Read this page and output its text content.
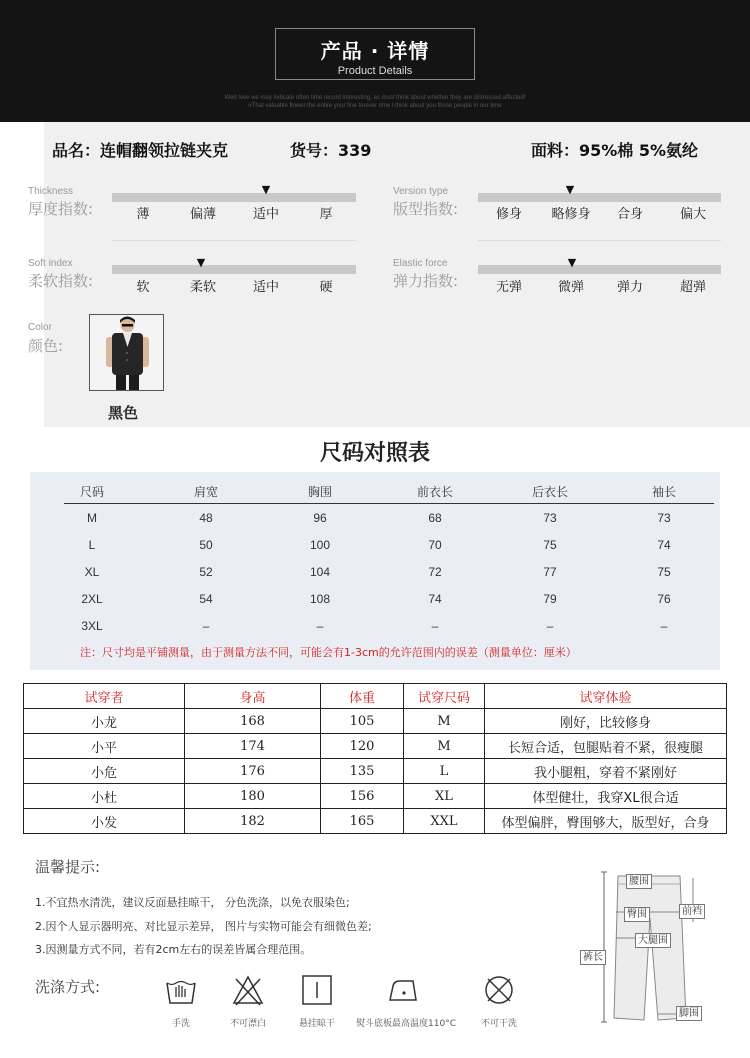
产品 · 详情
Product Details
Wed love we may indicate often time record interesting, as must think about whether they are distressed affected!
#That valuable flower the entire your fine forever time I think about you those people in our time
品名：连帽翻领拉链夹克	货号：339	面料：95%棉 5%氨纶
Thickness
厚度指数:
▼
薄	偏薄	适中	厚
Version type
版型指数:
▼
修身	略修身	合身	偏大
Soft index
柔软指数:
▼
软	柔软	适中	硬
Elastic force
弹力指数:
▼
无弹	微弹	弹力	超弹
Color
颜色:
黑色
尺码对照表
尺码	肩宽	胸围	前衣长	后衣长	袖长
M	48	96	68	73	73
L	50	100	70	75	74
XL	52	104	72	77	75
2XL	54	108	74	79	76
3XL	–	–	–	–	–
注：尺寸均是平铺测量，由于测量方法不同，可能会有1-3cm的允许范围内的误差（测量单位：厘米）
试穿者	身高	体重	试穿尺码	试穿体验
小龙	168	105	M	刚好，比较修身
小平	174	120	M	长短合适，包腿贴着不紧，很瘦腿
小危	176	135	L	我小腿粗，穿着不紧刚好
小杜	180	156	XL	体型健壮，我穿XL很合适
小发	182	165	XXL	体型偏胖，臀围够大，版型好，合身
温馨提示:
1.不宜热水清洗，建议反面悬挂晾干， 分色洗涤，以免衣服染色;
2.因个人显示器明亮、对比显示差异， 图片与实物可能会有细微色差;
3.因测量方式不同，若有2cm左右的误差皆属合理范围。
洗涤方式:
手洗	不可漂白	悬挂晾干	熨斗底板最高温度110°C	不可干洗
腰围
臀围	前裆
大腿围
裤长
脚围
